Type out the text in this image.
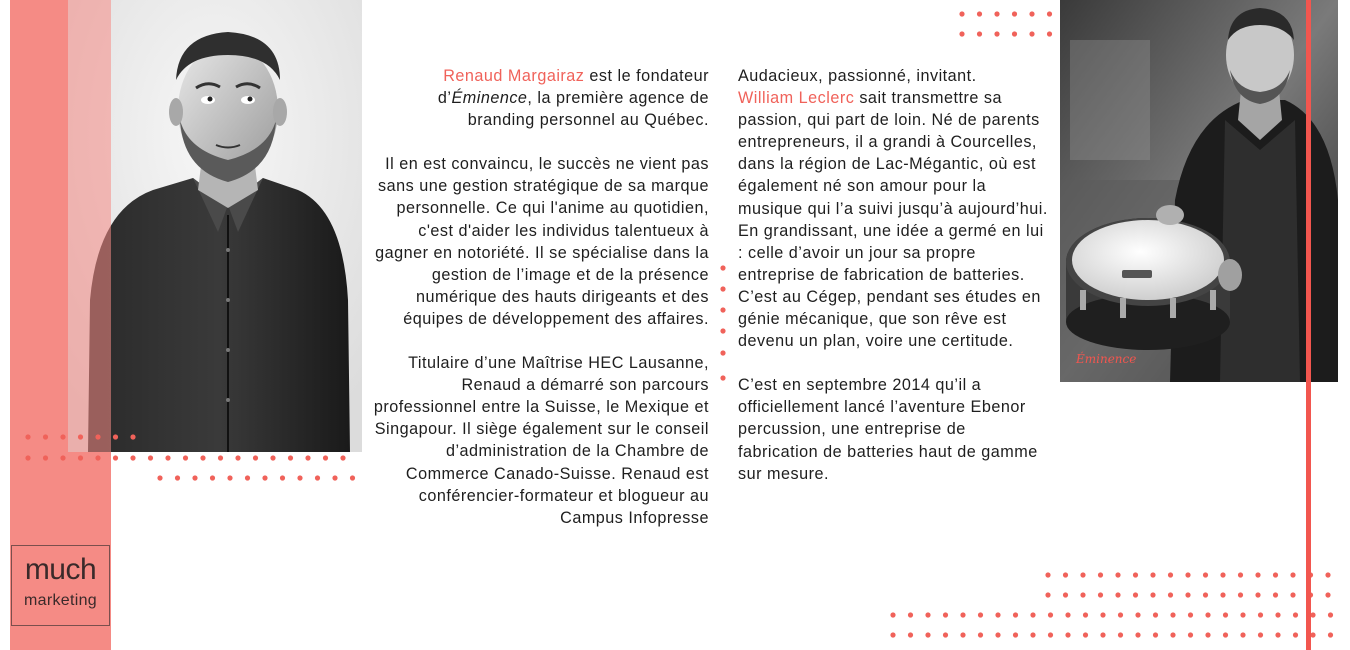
Renaud Margairaz est le fondateur
d’Éminence, la première agence de
branding personnel au Québec.

Il en est convaincu, le succès ne vient pas sans une gestion stratégique de sa marque personnelle. Ce qui l'anime au quotidien, c'est d'aider les individus talentueux à gagner en notoriété. Il se spécialise dans la gestion de l’image et de la présence numérique des hauts dirigeants et des équipes de développement des affaires.

Titulaire d’une Maîtrise HEC Lausanne, Renaud a démarré son parcours professionnel entre la Suisse, le Mexique et Singapour. Il siège également sur le conseil d’administration de la Chambre de Commerce Canado-Suisse. Renaud est conférencier-formateur et blogueur au Campus Infopresse

Audacieux, passionné, invitant.
William Leclerc sait transmettre sa passion, qui part de loin. Né de parents entrepreneurs, il a grandi à Courcelles, dans la région de Lac-Mégantic, où est également né son amour pour la musique qui l’a suivi jusqu’à aujourd’hui. En grandissant, une idée a germé en lui : celle d’avoir un jour sa propre entreprise de fabrication de batteries. C’est au Cégep, pendant ses études en génie mécanique, que son rêve est devenu un plan, voire une certitude.

C’est en septembre 2014 qu’il a officiellement lancé l’aventure Ebenor percussion, une entreprise de fabrication de batteries haut de gamme sur mesure.

Éminence
much
marketing
